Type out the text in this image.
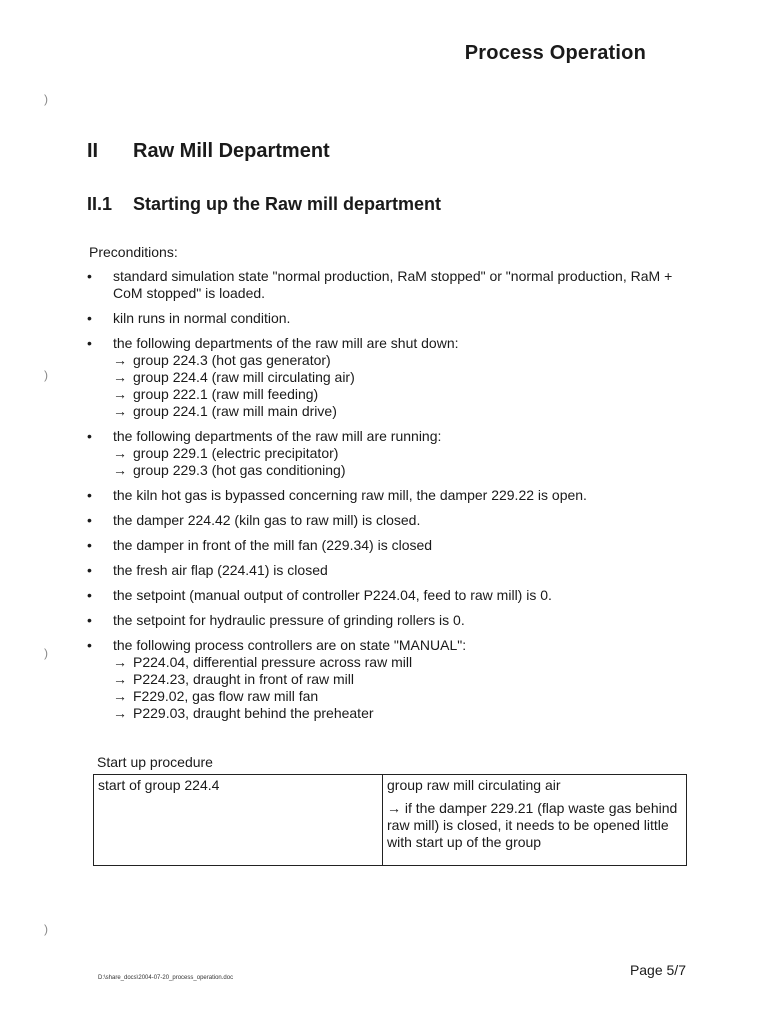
Process Operation
II Raw Mill Department
II.1 Starting up the Raw mill department
Preconditions:
• standard simulation state "normal production, RaM stopped" or "normal production, RaM + CoM stopped" is loaded.
• kiln runs in normal condition.
• the following departments of the raw mill are shut down:
→ group 224.3 (hot gas generator)
→ group 224.4 (raw mill circulating air)
→ group 222.1 (raw mill feeding)
→ group 224.1 (raw mill main drive)
• the following departments of the raw mill are running:
→ group 229.1 (electric precipitator)
→ group 229.3 (hot gas conditioning)
• the kiln hot gas is bypassed concerning raw mill, the damper 229.22 is open.
• the damper 224.42 (kiln gas to raw mill) is closed.
• the damper in front of the mill fan (229.34) is closed
• the fresh air flap (224.41) is closed
• the setpoint (manual output of controller P224.04, feed to raw mill) is 0.
• the setpoint for hydraulic pressure of grinding rollers is 0.
• the following process controllers are on state "MANUAL":
→ P224.04, differential pressure across raw mill
→ P224.23, draught in front of raw mill
→ F229.02, gas flow raw mill fan
→ P229.03, draught behind the preheater
Start up procedure
start of group 224.4	group raw mill circulating air
→ if the damper 229.21 (flap waste gas behind raw mill) is closed, it needs to be opened little with start up of the group
D:\share_docs\2004-07-20_process_operation.doc	Page 5/7
)
)
)
)
